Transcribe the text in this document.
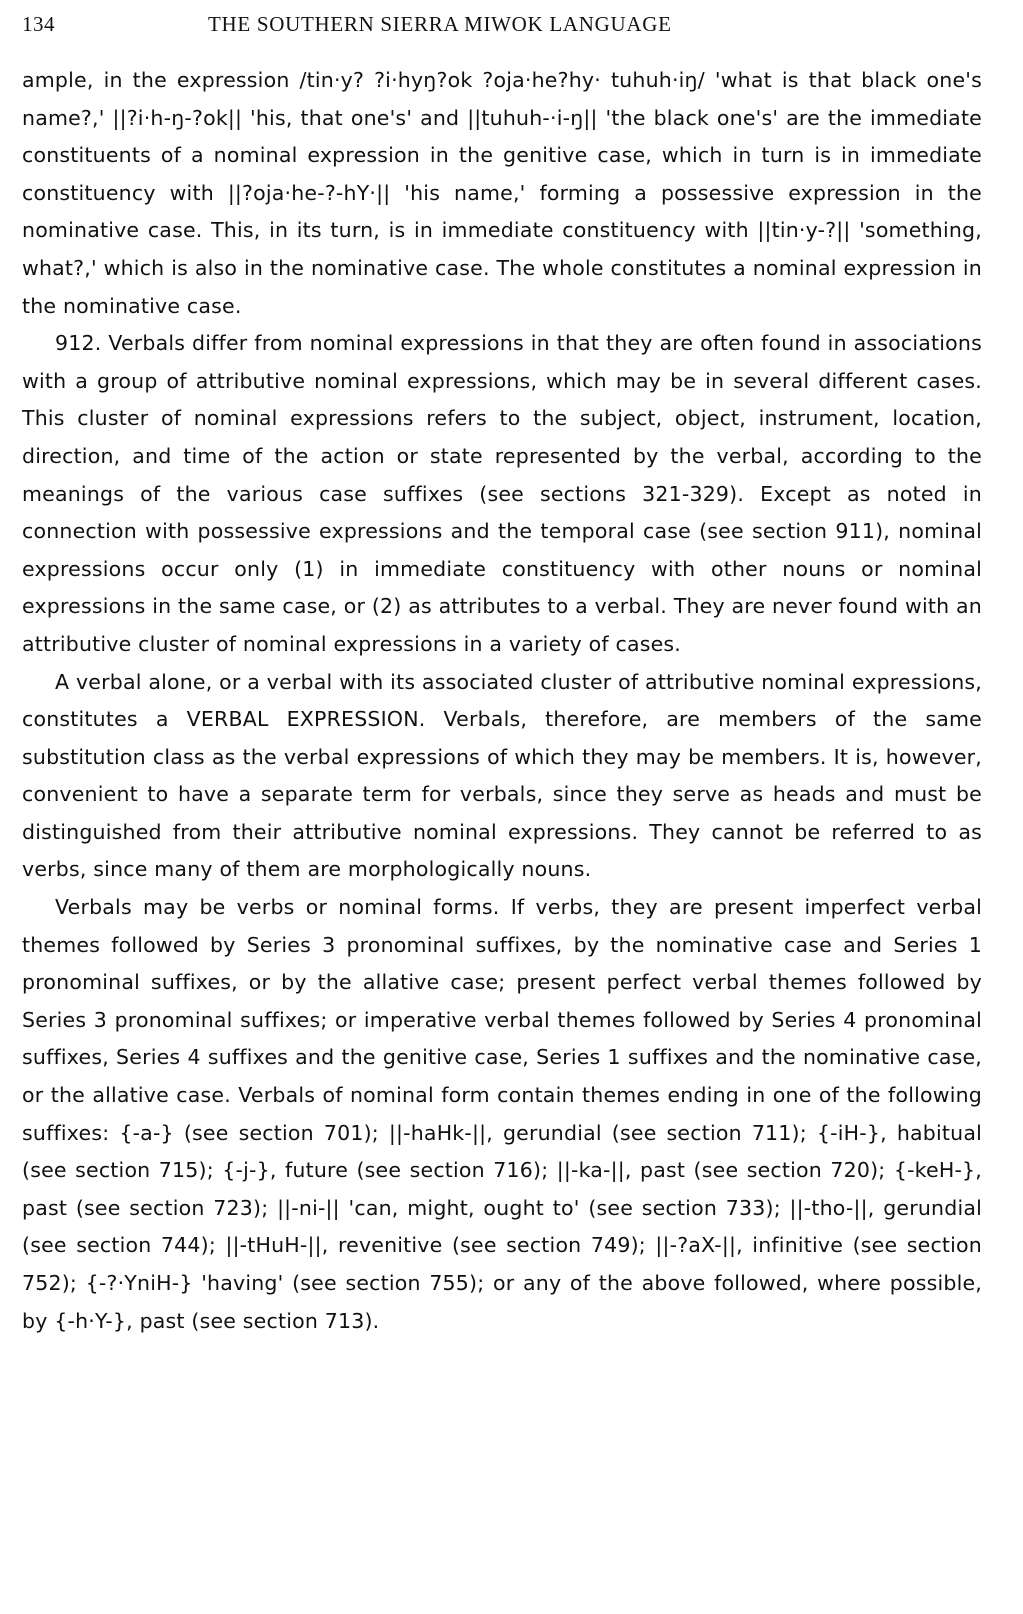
134	THE SOUTHERN SIERRA MIWOK LANGUAGE

ample, in the expression /tin·y? ?i·hyŋ?ok ?oja·he?hy· tuhuh·iŋ/ 'what is that black one's name?,' ||?i·h-ŋ-?ok|| 'his, that one's' and ||tuhuh-·i-ŋ|| 'the black one's' are the immediate constituents of a nominal expression in the genitive case, which in turn is in immediate constituency with ||?oja·he-?-hY·|| 'his name,' forming a possessive expression in the nominative case. This, in its turn, is in immediate constituency with ||tin·y-?|| 'something, what?,' which is also in the nominative case. The whole constitutes a nominal expression in the nominative case.

912. Verbals differ from nominal expressions in that they are often found in associations with a group of attributive nominal expressions, which may be in several different cases. This cluster of nominal expressions refers to the subject, object, instrument, location, direction, and time of the action or state represented by the verbal, according to the meanings of the various case suffixes (see sections 321-329). Except as noted in connection with possessive expressions and the temporal case (see section 911), nominal expressions occur only (1) in immediate constituency with other nouns or nominal expressions in the same case, or (2) as attributes to a verbal. They are never found with an attributive cluster of nominal expressions in a variety of cases.

A verbal alone, or a verbal with its associated cluster of attributive nominal expressions, constitutes a VERBAL EXPRESSION. Verbals, therefore, are members of the same substitution class as the verbal expressions of which they may be members. It is, however, convenient to have a separate term for verbals, since they serve as heads and must be distinguished from their attributive nominal expressions. They cannot be referred to as verbs, since many of them are morphologically nouns.

Verbals may be verbs or nominal forms. If verbs, they are present imperfect verbal themes followed by Series 3 pronominal suffixes, by the nominative case and Series 1 pronominal suffixes, or by the allative case; present perfect verbal themes followed by Series 3 pronominal suffixes; or imperative verbal themes followed by Series 4 pronominal suffixes, Series 4 suffixes and the genitive case, Series 1 suffixes and the nominative case, or the allative case. Verbals of nominal form contain themes ending in one of the following suffixes: {-a-} (see section 701); ||-haHk-||, gerundial (see section 711); {-iH-}, habitual (see section 715); {-j-}, future (see section 716); ||-ka-||, past (see section 720); {-keH-}, past (see section 723); ||-ni-|| 'can, might, ought to' (see section 733); ||-tho-||, gerundial (see section 744); ||-tHuH-||, revenitive (see section 749); ||-?aX-||, infinitive (see section 752); {-?·YniH-} 'having' (see section 755); or any of the above followed, where possible, by {-h·Y-}, past (see section 713).
